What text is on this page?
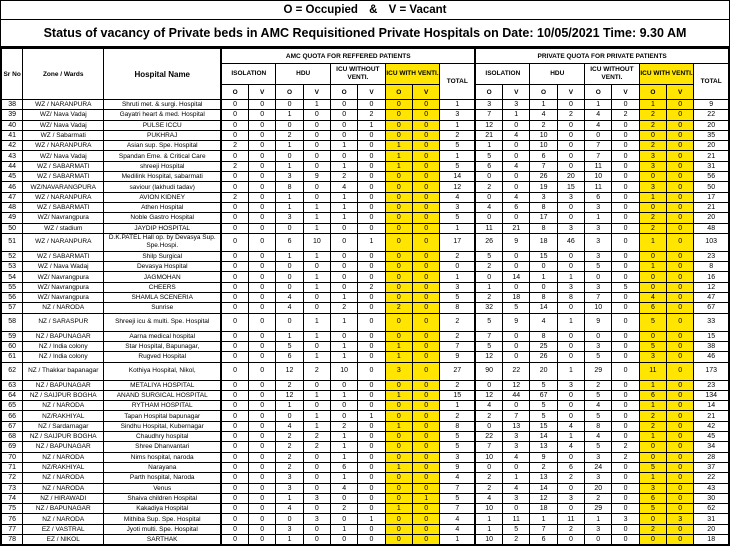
O = Occupied & V = Vacant
Status of vacancy of Private beds in AMC Requisitioned Private Hospitals on Date: 10/05/2021 Time: 9.30 AM
Sr No	Zone / Wards	Hospital Name	AMC QUOTA FOR REFFERED PATIENTS									PRIVATE QUOTA FOR PRIVATE PATIENTS								
			ISOLATION		HDU		ICU WITHOUT VENTI.		ICU WITH VENTI.		TOTAL	ISOLATION		HDU		ICU WITHOUT VENTI.		ICU WITH VENTI.		TOTAL
			O	V	O	V	O	V	O	V		O	V	O	V	O	V	O	V	
38	WZ / NARANPURA	Shruti met. & surgi. Hospital	0	0	0	1	0	0	0	0	1	3	3	1	0	1	0	1	0	9
39	WZ/ Nava Vadaj	Gayatri heart & med. Hospital	0	0	1	0	0	2	0	0	3	7	1	4	2	4	2	2	0	22
40	WZ/ Nava Vadaj	PULSE ICCU	0	0	0	0	0	1	0	0	1	12	0	2	0	4	0	2	0	20
41	WZ / Sabarmati	PUKHRAJ	0	0	2	0	0	0	0	0	2	21	4	10	0	0	0	0	0	35
42	WZ / NARANPURA	Asian sup. Spe. Hospital	2	0	1	0	1	0	1	0	5	1	0	10	0	7	0	2	0	20
43	WZ/ Nava Vadaj	Spandan Eme. & Critical Care	0	0	0	0	0	0	1	0	1	5	0	6	0	7	0	3	0	21
44	WZ / SABARMATI	shreeji Hospital	2	0	1	0	1	0	1	0	5	6	4	7	0	11	0	3	0	31
45	WZ / SABARMATI	Medilink Hospital, sabarmati	0	0	3	9	2	0	0	0	14	0	0	26	20	10	0	0	0	56
46	WZ/NAVARANGPURA	saviour (lakhudi tadav)	0	0	8	0	4	0	0	0	12	2	0	19	15	11	0	3	0	50
47	WZ / NARANPURA	AVION KIDNEY	2	0	1	0	1	0	0	0	4	0	4	3	3	6	0	1	0	17
48	WZ / SABARMATI	Athen Hospital	0	0	1	1	1	0	0	0	3	4	6	8	0	3	0	0	0	21
49	WZ/ Navrangpura	Noble Gastro Hospital	0	0	3	1	1	0	0	0	5	0	0	17	0	1	0	2	0	20
50	WZ / stadium	JAYDIP HOSPITAL	0	0	0	1	0	0	0	0	1	11	21	8	3	3	0	2	0	48
51	WZ / NARANPURA	D.K.PATEL Hall op. by Devasya Sup. Spe.Hospi.	0	0	6	10	0	1	0	0	17	26	9	18	46	3	0	1	0	103
52	WZ / SABARMATI	Shilp Surgical	0	0	1	1	0	0	0	0	2	5	0	15	0	3	0	0	0	23
53	WZ / Nava Wadaj	Devasya Hospital	0	0	0	0	0	0	0	0	0	2	0	0	0	5	0	1	0	8
54	WZ/ Navrangpura	JAGMOHAN	0	0	0	1	0	0	0	0	1	0	14	1	1	0	0	0	0	16
55	WZ/ Navrangpura	CHEERS	0	0	0	1	0	2	0	0	3	1	0	0	3	3	5	0	0	12
56	WZ/ Navrangpura	SHAMLA SCENERIA	0	0	4	0	1	0	0	0	5	2	18	8	8	7	0	4	0	47
57	NZ / NARODA	Sunrise	0	0	4	0	2	0	2	0	8	32	5	14	0	10	0	6	0	67
58	NZ / SARASPUR	Shreeji icu & multi. Spe. Hospital	0	0	0	1	1	0	0	0	2	5	9	4	1	9	0	5	0	33
59	NZ / BAPUNAGAR	Aarna medical hospital	0	0	1	1	0	0	0	0	2	7	0	8	0	0	0	0	0	15
60	NZ / India colony	Star Hospital, Bapunagar,	0	0	5	0	1	0	1	0	7	5	0	25	0	3	0	5	0	38
61	NZ / India colony	Rugved Hospital	0	0	6	1	1	0	1	0	9	12	0	26	0	5	0	3	0	46
62	NZ / Thakkar bapanagar	Kothiya Hospital, Nikol,	0	0	12	2	10	0	3	0	27	90	22	20	1	29	0	11	0	173
63	NZ / BAPUNAGAR	METALIYA HOSPITAL	0	0	2	0	0	0	0	0	2	0	12	5	3	2	0	1	0	23
64	NZ / SAIJPUR BOGHA	ANAND SURGICAL HOSPITAL	0	0	12	1	1	0	1	0	15	12	44	67	0	5	0	6	0	134
65	NZ / NARODA	RYTHAM HOSPITAL	0	0	1	0	0	0	0	0	1	4	0	5	0	4	0	1	0	14
66	NZ/RAKHIYAL	Tapan Hospital bapunagar	0	0	0	1	0	1	0	0	2	2	7	5	0	5	0	2	0	21
67	NZ / Sardarnagar	Sindhu Hospital, Kubernagar	0	0	4	1	2	0	1	0	8	0	13	15	4	8	0	2	0	42
68	NZ / SAIJPUR BOGHA	Chaudhry hospital	0	0	2	2	1	0	0	0	5	22	3	14	1	4	0	1	0	45
69	NZ / BAPUNAGAR	Shree Dhanvantari	0	0	2	2	1	0	0	0	5	7	3	13	4	5	2	0	0	34
70	NZ / NARODA	Nims hospital, naroda	0	0	2	0	1	0	0	0	3	10	4	9	0	3	2	0	0	28
71	NZ/RAKHIYAL	Narayana	0	0	2	0	6	0	1	0	9	0	0	2	6	24	0	5	0	37
72	NZ / NARODA	Parth hospital, Naroda	0	0	3	0	1	0	0	0	4	2	1	13	2	3	0	1	0	22
73	NZ / NARODA	Venus	0	0	3	0	4	0	0	0	7	2	4	14	0	20	0	3	0	43
74	NZ / HIRAWADI	Shaiva children Hospital	0	0	1	3	0	0	0	1	5	4	3	12	3	2	0	6	0	30
75	NZ / BAPUNAGAR	Kakadiya Hospital	0	0	4	0	2	0	1	0	7	10	0	18	0	29	0	5	0	62
76	NZ / NARODA	Mithiba Sup. Spe. Hospital	0	0	0	3	0	1	0	0	4	1	11	1	11	1	3	0	3	31
77	EZ / VASTRAL	Jyoti multi. Spe. Hospital	0	0	3	0	1	0	0	0	4	1	5	7	2	3	0	2	0	20
78	EZ / NIKOL	SARTHAK	0	0	1	0	0	0	0	0	1	10	2	6	0	0	0	0	0	18
